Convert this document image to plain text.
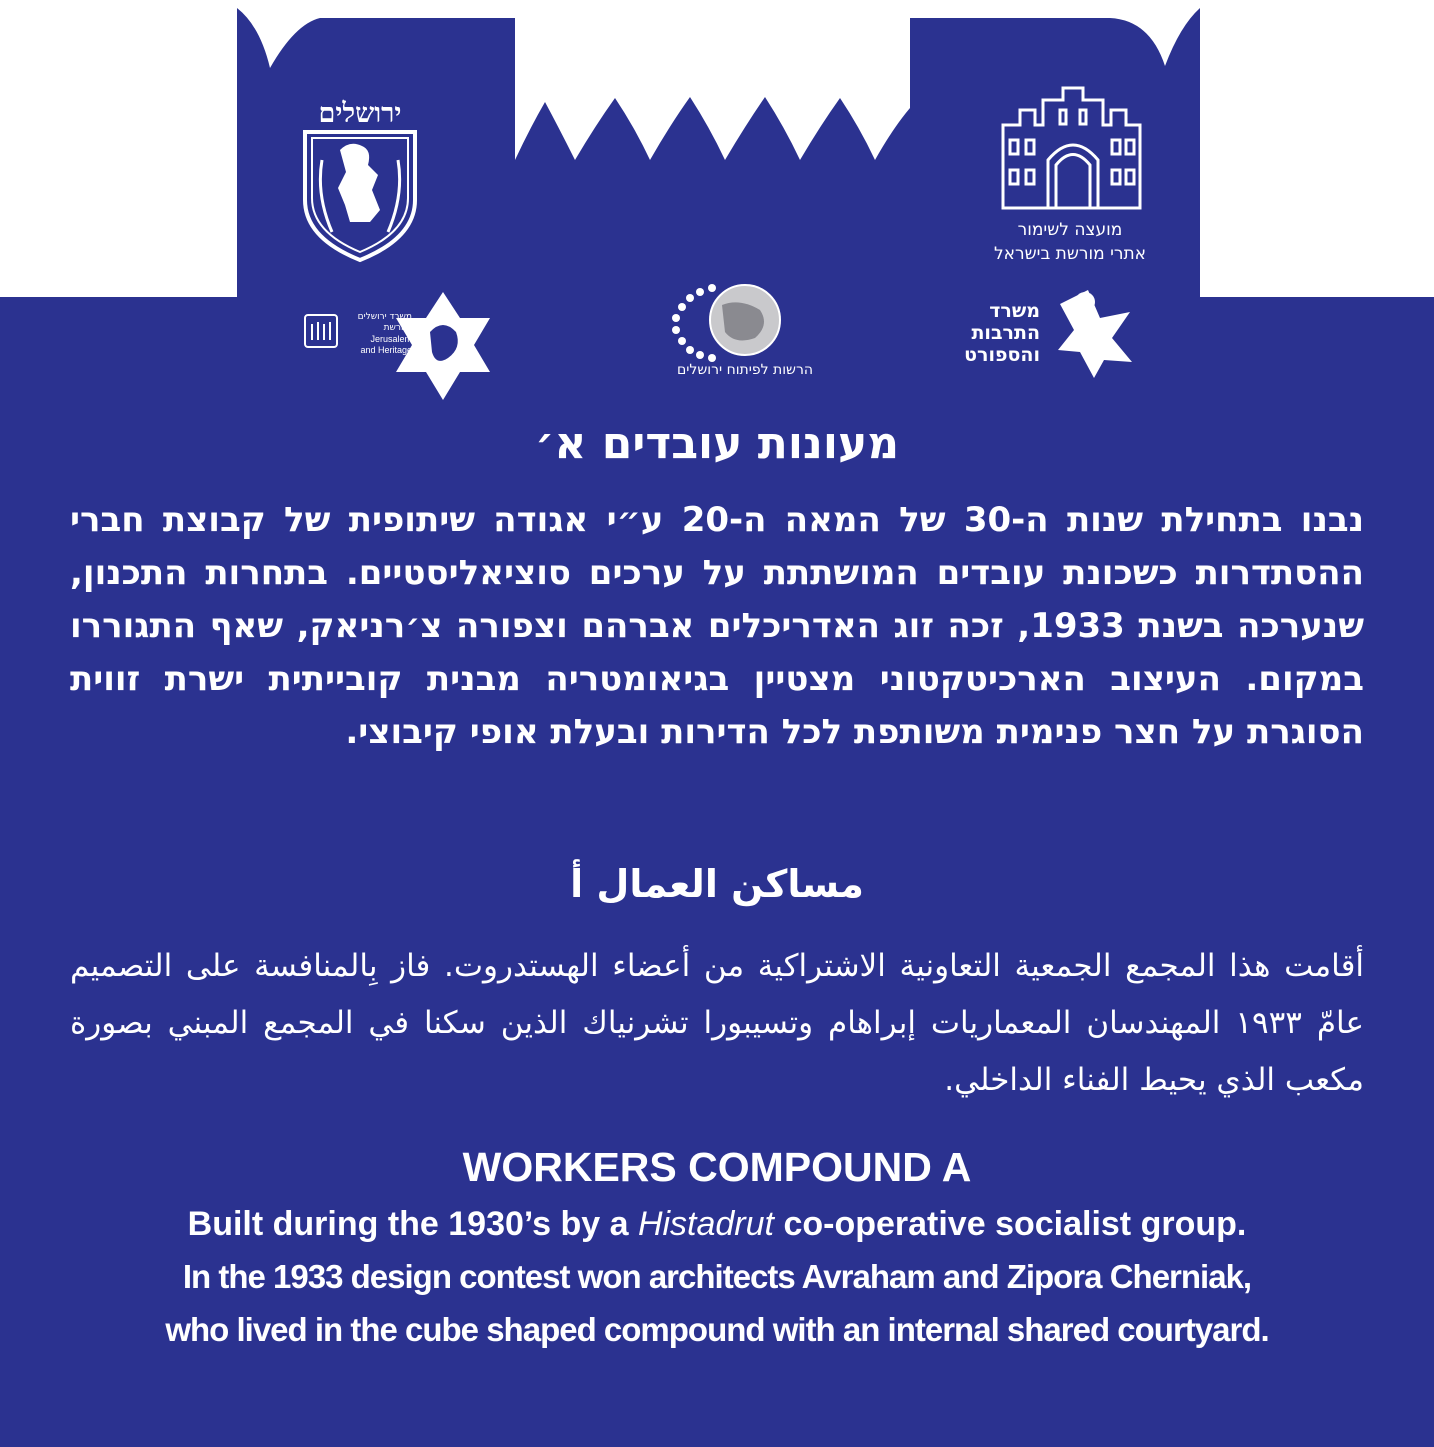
ירושלים
מועצה לשימור
אתרי מורשת בישראל
משרד ירושלים
ומורשת
Jerusalem
and Heritage
הרשות לפיתוח ירושלים
משרד
התרבות
והספורט
מעונות עובדים א׳

נבנו בתחילת שנות ה-30 של המאה ה-20 ע״י אגודה שיתופית של קבוצת חברי ההסתדרות כשכונת עובדים המושתתת על ערכים סוציאליסטיים. בתחרות התכנון, שנערכה בשנת 1933, זכה זוג האדריכלים אברהם וצפורה צ׳רניאק, שאף התגוררו במקום. העיצוב הארכיטקטוני מצטיין בגיאומטריה מבנית קובייתית ישרת זווית הסוגרת על חצר פנימית משותפת לכל הדירות ובעלת אופי קיבוצי.

مساكن العمال أ

أقامت هذا المجمع الجمعية التعاونية الاشتراكية من أعضاء الهستدروت. فاز بِالمنافسة على التصميم عامّ ١٩٣٣ المهندسان المعماريات إبراهام وتسيبورا تشرنياك الذين سكنا في المجمع المبني بصورة مكعب الذي يحيط الفناء الداخلي.

WORKERS COMPOUND A

Built during the 1930’s by a Histadrut co-operative socialist group.

In the 1933 design contest won architects Avraham and Zipora Cherniak,

who lived in the cube shaped compound with an internal shared courtyard.
